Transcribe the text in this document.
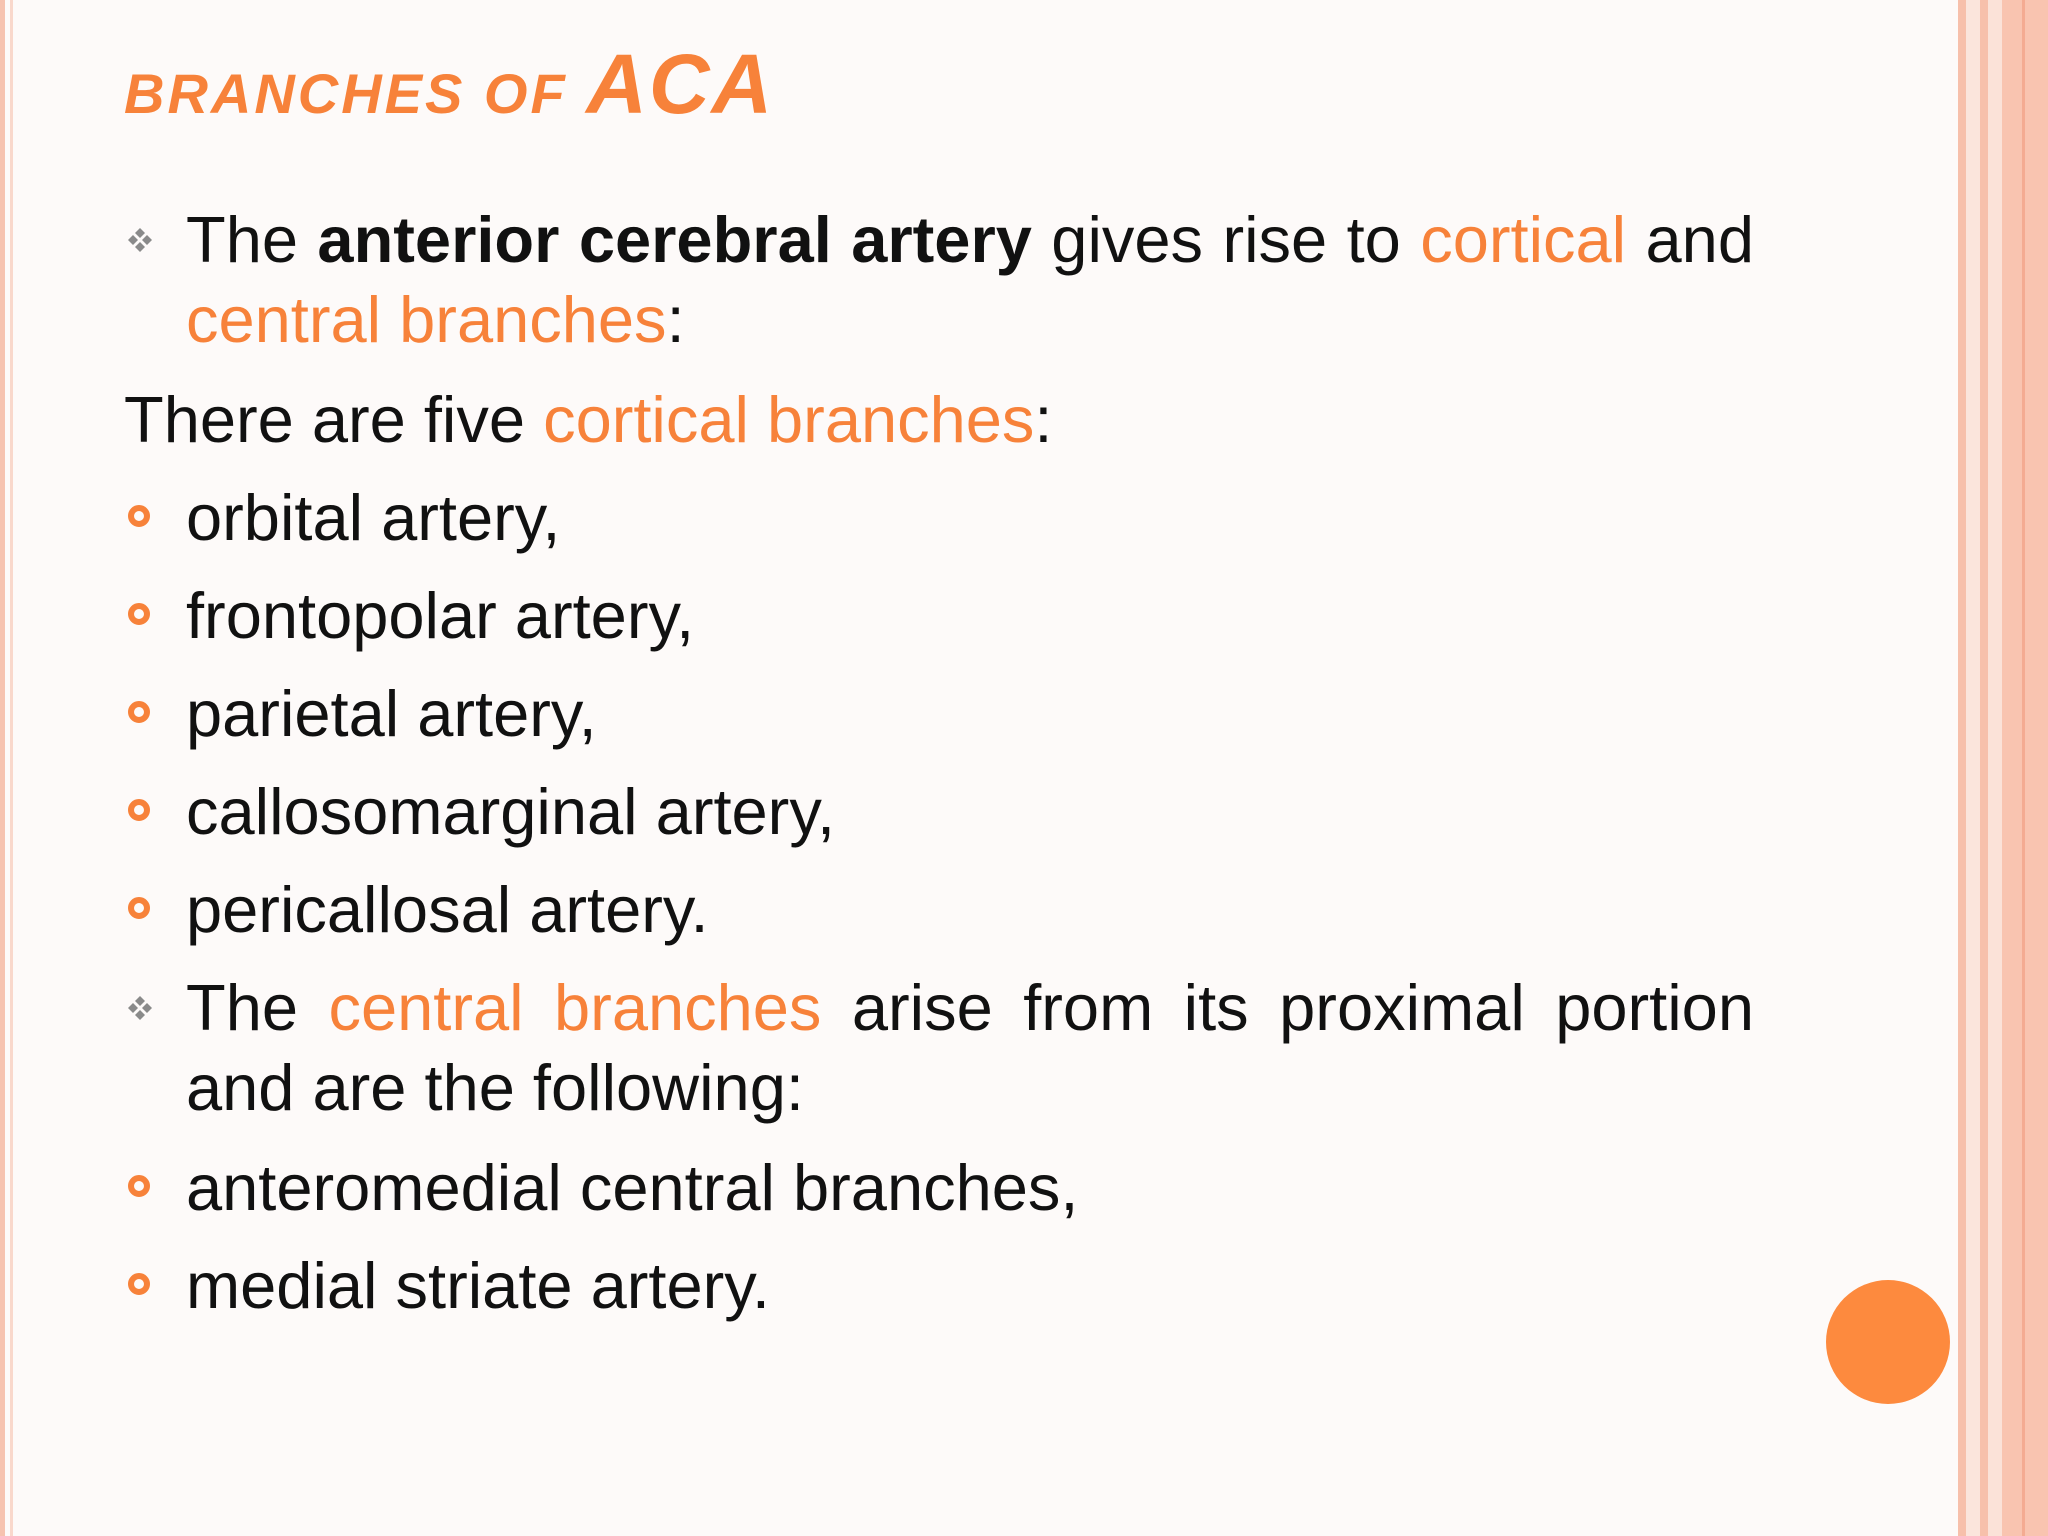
BRANCHES OF ACA

The anterior cerebral artery gives rise to cortical and central branches:

There are five cortical branches:

orbital artery,

frontopolar artery,

parietal artery,

callosomarginal artery,

pericallosal artery.

The central branches arise from its proximal portion and are the following:

anteromedial central branches,

medial striate artery.
